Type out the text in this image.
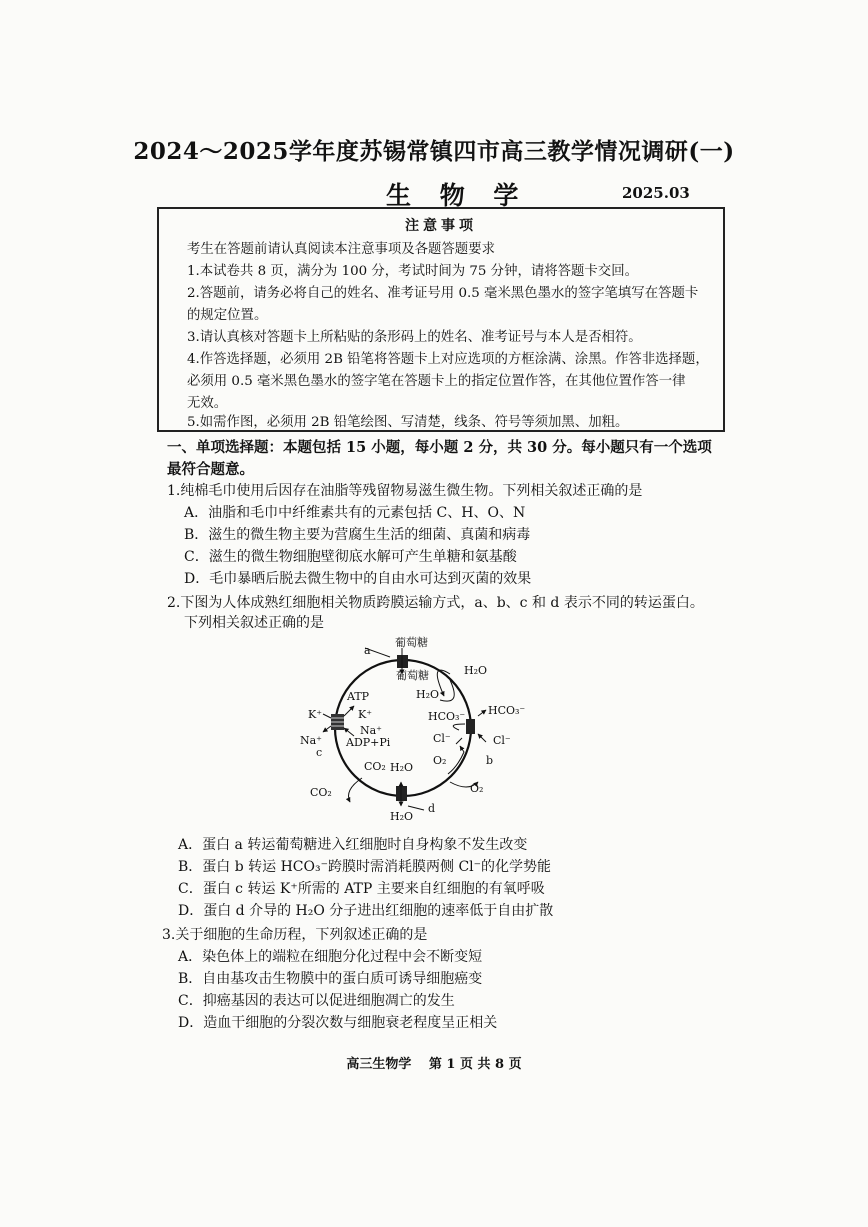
2024～2025学年度苏锡常镇四市高三教学情况调研(一)
生 物 学	2025.03
注意事项
考生在答题前请认真阅读本注意事项及各题答题要求
1.本试卷共 8 页，满分为 100 分，考试时间为 75 分钟，请将答题卡交回。
2.答题前，请务必将自己的姓名、准考证号用 0.5 毫米黑色墨水的签字笔填写在答题卡
的规定位置。
3.请认真核对答题卡上所粘贴的条形码上的姓名、准考证号与本人是否相符。
4.作答选择题，必须用 2B 铅笔将答题卡上对应选项的方框涂满、涂黑。作答非选择题，
必须用 0.5 毫米黑色墨水的签字笔在答题卡上的指定位置作答，在其他位置作答一律
无效。
5.如需作图，必须用 2B 铅笔绘图、写清楚，线条、符号等须加黑、加粗。
一、单项选择题：本题包括 15 小题，每小题 2 分，共 30 分。每小题只有一个选项
最符合题意。
1.纯棉毛巾使用后因存在油脂等残留物易滋生微生物。下列相关叙述正确的是
A．油脂和毛巾中纤维素共有的元素包括 C、H、O、N
B．滋生的微生物主要为营腐生生活的细菌、真菌和病毒
C．滋生的微生物细胞壁彻底水解可产生单糖和氨基酸
D．毛巾暴晒后脱去微生物中的自由水可达到灭菌的效果
2.下图为人体成熟红细胞相关物质跨膜运输方式，a、b、c 和 d 表示不同的转运蛋白。
下列相关叙述正确的是
葡萄糖
葡萄糖
a
H₂O
H₂O
ATP
K⁺	K⁺
Na⁺
Na⁺
c
ADP+Pi
HCO₃⁻ HCO₃⁻
Cl⁻	Cl⁻
b
O₂
O₂
CO₂
CO₂
H₂O
H₂O
d
A．蛋白 a 转运葡萄糖进入红细胞时自身构象不发生改变
B．蛋白 b 转运 HCO₃⁻跨膜时需消耗膜两侧 Cl⁻的化学势能
C．蛋白 c 转运 K⁺所需的 ATP 主要来自红细胞的有氧呼吸
D．蛋白 d 介导的 H₂O 分子进出红细胞的速率低于自由扩散
3.关于细胞的生命历程，下列叙述正确的是
A．染色体上的端粒在细胞分化过程中会不断变短
B．自由基攻击生物膜中的蛋白质可诱导细胞癌变
C．抑癌基因的表达可以促进细胞凋亡的发生
D．造血干细胞的分裂次数与细胞衰老程度呈正相关
高三生物学　 第 1 页 共 8 页
